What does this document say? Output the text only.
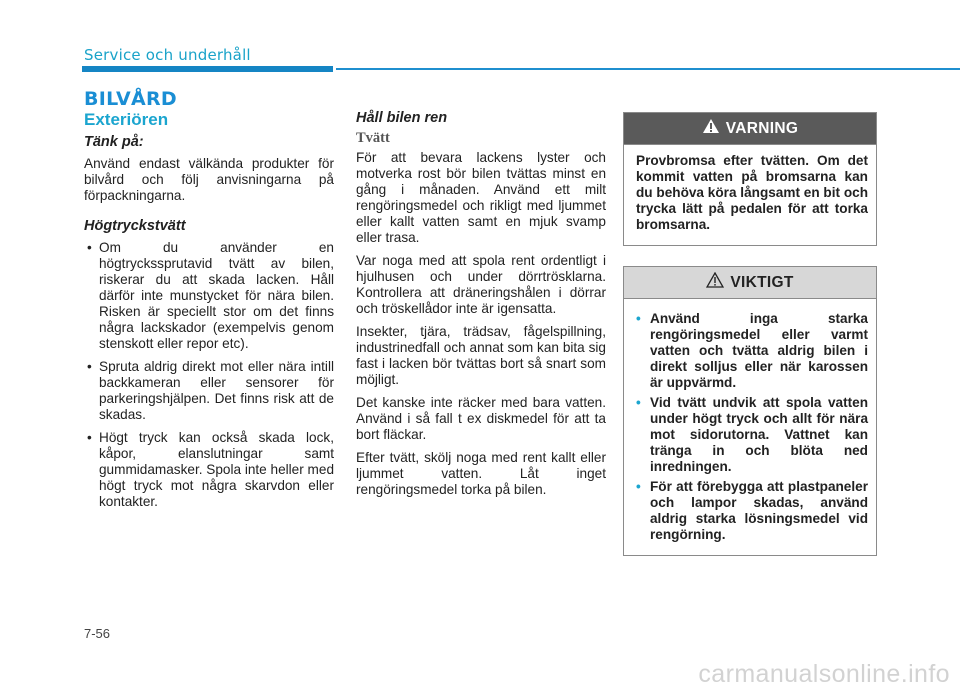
Service och underhåll
BILVÅRD
Exteriören
Tänk på:

Använd endast välkända produkter för bilvård och följ anvisningarna på förpackningarna.

Högtryckstvätt
• Om du använder en högtryckssprutavid tvätt av bilen, riskerar du att skada lacken. Håll därför inte munstycket för nära bilen. Risken är speciellt stor om det finns några lackskador (exempelvis genom stenskott eller repor etc).
• Spruta aldrig direkt mot eller nära intill backkameran eller sensorer för parkeringshjälpen. Det finns risk att de skadas.
• Högt tryck kan också skada lock, kåpor, elanslutningar samt gummidamasker. Spola inte heller med högt tryck mot några skarvdon eller kontakter.
Håll bilen ren
Tvätt

För att bevara lackens lyster och motverka rost bör bilen tvättas minst en gång i månaden. Använd ett milt rengöringsmedel och rikligt med ljummet eller kallt vatten samt en mjuk svamp eller trasa.

Var noga med att spola rent ordentligt i hjulhusen och under dörrtrösklarna. Kontrollera att dräneringshålen i dörrar och tröskellådor inte är igensatta.

Insekter, tjära, trädsav, fågelspillning, industrinedfall och annat som kan bita sig fast i lacken bör tvättas bort så snart som möjligt.

Det kanske inte räcker med bara vatten. Använd i så fall t ex diskmedel för att ta bort fläckar.

Efter tvätt, skölj noga med rent kallt eller ljummet vatten. Låt inget rengöringsmedel torka på bilen.

VARNING

Provbromsa efter tvätten. Om det kommit vatten på bromsarna kan du behöva köra långsamt en bit och trycka lätt på pedalen för att torka bromsarna.

VIKTIGT
• Använd inga starka rengöringsmedel eller varmt vatten och tvätta aldrig bilen i direkt solljus eller när karossen är uppvärmd.
• Vid tvätt undvik att spola vatten under högt tryck och allt för nära mot sidorutorna. Vattnet kan tränga in och blöta ned inredningen.
• För att förebygga att plastpaneler och lampor skadas, använd aldrig starka lösningsmedel vid rengörning.
7-56
carmanualsonline.info
